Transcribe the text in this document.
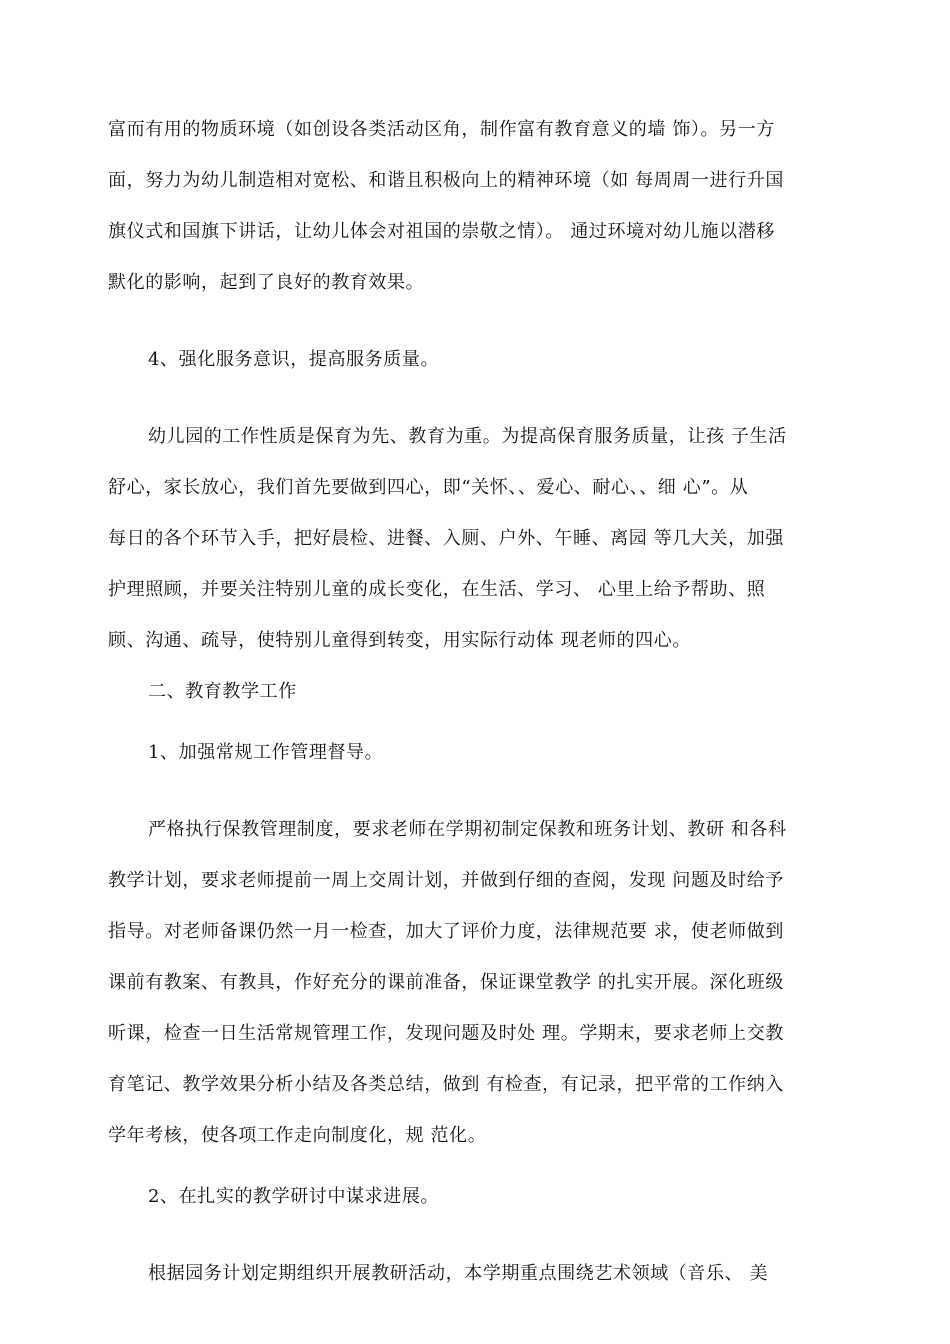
富而有用的物质环境（如创设各类活动区角，制作富有教育意义的墙 饰）。另一方
面，努力为幼儿制造相对宽松、和谐且积极向上的精神环境（如 每周周一进行升国
旗仪式和国旗下讲话，让幼儿体会对祖国的崇敬之情）。 通过环境对幼儿施以潜移
默化的影响，起到了良好的教育效果。

4、强化服务意识，提高服务质量。

幼儿园的工作性质是保育为先、教育为重。为提高保育服务质量，让孩 子生活
舒心，家长放心，我们首先要做到四心，即“关怀、、爱心、耐心、、细 心”。从
每日的各个环节入手，把好晨检、进餐、入厕、户外、午睡、离园 等几大关，加强
护理照顾，并要关注特别儿童的成长变化，在生活、学习、 心里上给予帮助、照
顾、沟通、疏导，使特别儿童得到转变，用实际行动体 现老师的四心。

二、教育教学工作

1、加强常规工作管理督导。

严格执行保教管理制度，要求老师在学期初制定保教和班务计划、教研 和各科
教学计划，要求老师提前一周上交周计划，并做到仔细的查阅，发现 问题及时给予
指导。对老师备课仍然一月一检查，加大了评价力度，法律规范要 求，使老师做到
课前有教案、有教具，作好充分的课前准备，保证课堂教学 的扎实开展。深化班级
听课，检查一日生活常规管理工作，发现问题及时处 理。学期末，要求老师上交教
育笔记、教学效果分析小结及各类总结，做到 有检查，有记录，把平常的工作纳入
学年考核，使各项工作走向制度化，规 范化。

2、在扎实的教学研讨中谋求进展。

根据园务计划定期组织开展教研活动，本学期重点围绕艺术领域（音乐、 美
